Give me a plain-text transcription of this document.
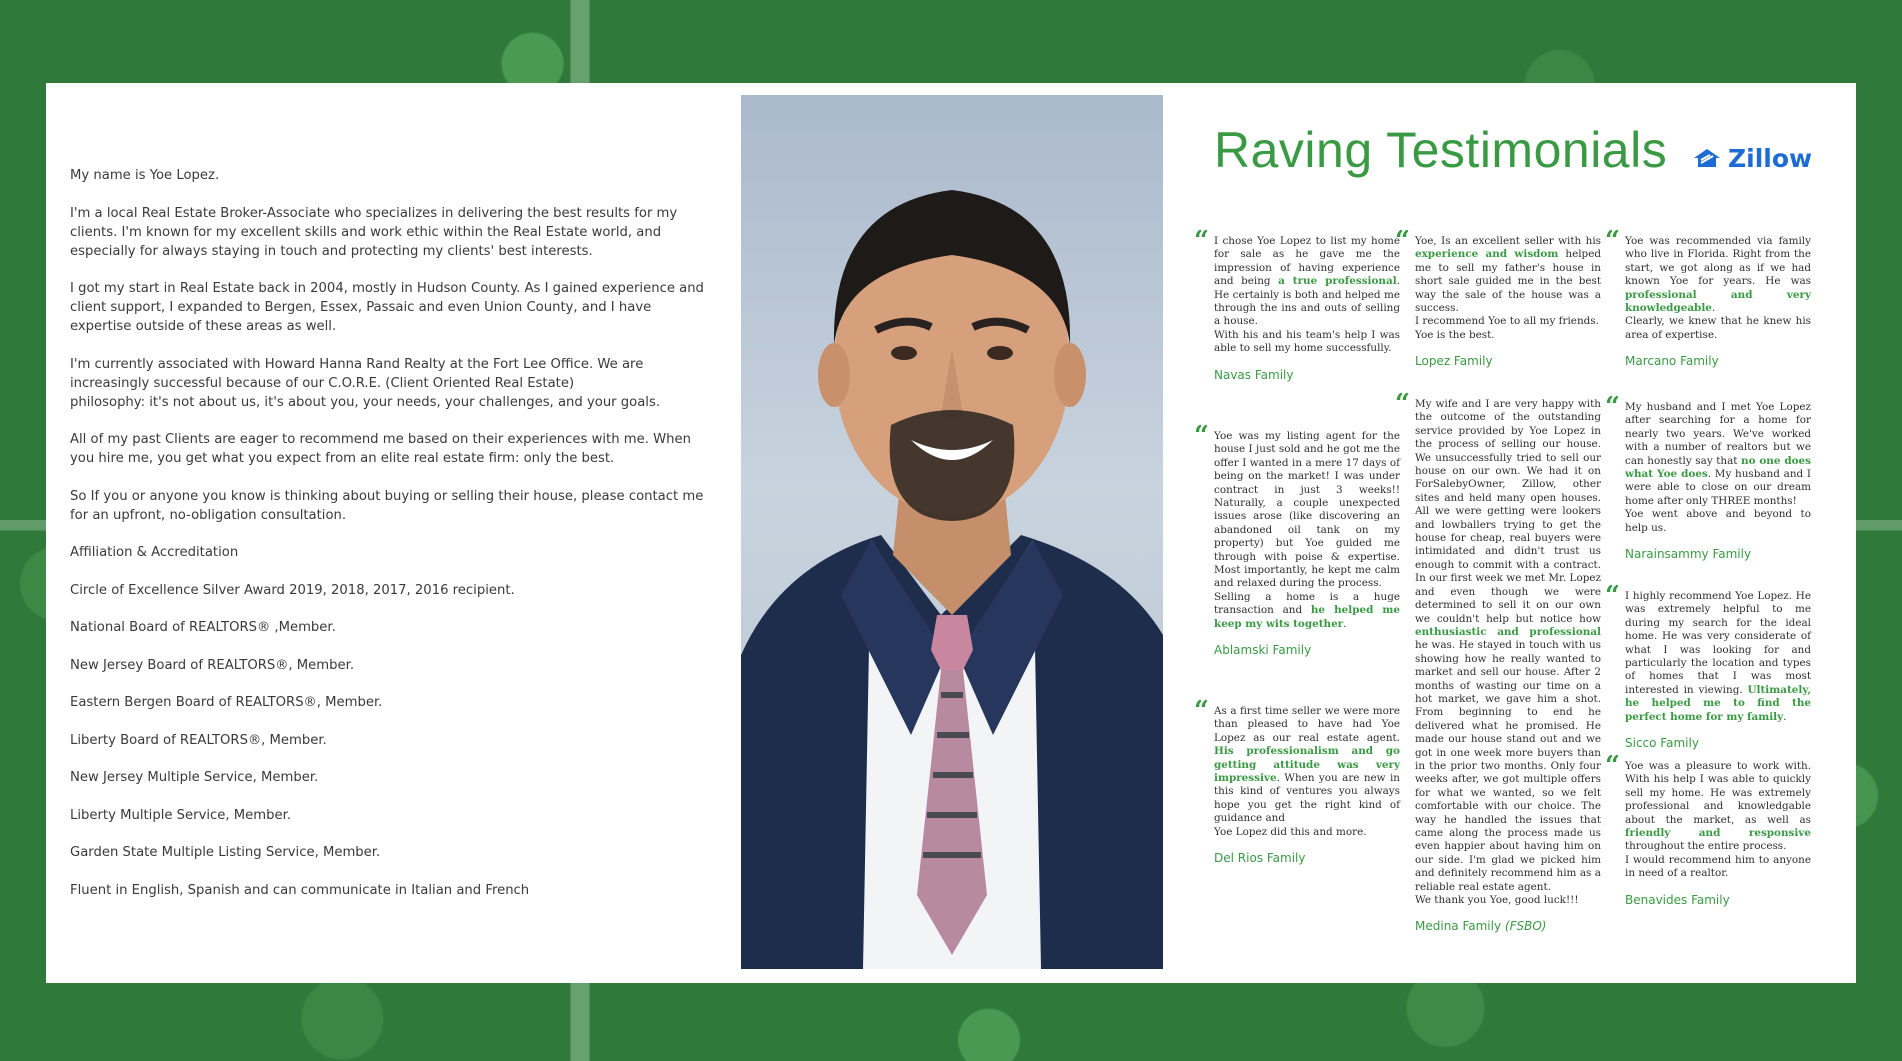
My name is Yoe Lopez.

I'm a local Real Estate Broker-Associate who specializes in delivering the best results for my clients. I'm known for my excellent skills and work ethic within the Real Estate world, and especially for always staying in touch and protecting my clients' best interests.

I got my start in Real Estate back in 2004, mostly in Hudson County. As I gained experience and client support, I expanded to Bergen, Essex, Passaic and even Union County, and I have expertise outside of these areas as well.

I'm currently associated with Howard Hanna Rand Realty at the Fort Lee Office. We are increasingly successful because of our C.O.R.E. (Client Oriented Real Estate)
philosophy: it's not about us, it's about you, your needs, your challenges, and your goals.

All of my past Clients are eager to recommend me based on their experiences with me. When you hire me, you get what you expect from an elite real estate firm: only the best.

So If you or anyone you know is thinking about buying or selling their house, please contact me for an upfront, no-obligation consultation.

Affiliation & Accreditation

Circle of Excellence Silver Award 2019, 2018, 2017, 2016 recipient.

National Board of REALTORS® ,Member.

New Jersey Board of REALTORS®, Member.

Eastern Bergen Board of REALTORS®, Member.

Liberty Board of REALTORS®, Member.

New Jersey Multiple Service, Member.

Liberty Multiple Service, Member.

Garden State Multiple Listing Service, Member.

Fluent in English, Spanish and can communicate in Italian and French

Raving Testimonials Zillow
“ I chose Yoe Lopez to list my home for sale as he gave me the impression of having experience and being a true professional. He certainly is both and helped me through the ins and outs of selling a house.
With his and his team's help I was able to sell my home successfully.
Navas Family
“ Yoe was my listing agent for the house I just sold and he got me the offer I wanted in a mere 17 days of being on the market! I was under contract in just 3 weeks!! Naturally, a couple unexpected issues arose (like discovering an abandoned oil tank on my property) but Yoe guided me through with poise & expertise. Most importantly, he kept me calm and relaxed during the process.
Selling a home is a huge transaction and he helped me keep my wits together.
Ablamski Family
“ As a first time seller we were more than pleased to have had Yoe Lopez as our real estate agent. His professionalism and go getting attitude was very impressive. When you are new in this kind of ventures you always hope you get the right kind of guidance and
Yoe Lopez did this and more.
Del Rios Family
“ Yoe, Is an excellent seller with his experience and wisdom helped me to sell my father's house in short sale guided me in the best way the sale of the house was a success.
I recommend Yoe to all my friends.
Yoe is the best.
Lopez Family
“ My wife and I are very happy with the outcome of the outstanding service provided by Yoe Lopez in the process of selling our house. We unsuccessfully tried to sell our house on our own. We had it on ForSalebyOwner, Zillow, other sites and held many open houses. All we were getting were lookers and lowballers trying to get the house for cheap, real buyers were intimidated and didn't trust us enough to commit with a contract. In our first week we met Mr. Lopez and even though we were determined to sell it on our own we couldn't help but notice how enthusiastic and professional he was. He stayed in touch with us showing how he really wanted to market and sell our house. After 2 months of wasting our time on a hot market, we gave him a shot. From beginning to end he delivered what he promised. He made our house stand out and we got in one week more buyers than in the prior two months. Only four weeks after, we got multiple offers for what we wanted, so we felt comfortable with our choice. The way he handled the issues that came along the process made us even happier about having him on our side. I'm glad we picked him and definitely recommend him as a reliable real estate agent.
We thank you Yoe, good luck!!!
Medina Family (FSBO)
“ Yoe was recommended via family who live in Florida. Right from the start, we got along as if we had known Yoe for years. He was professional and very knowledgeable.
Clearly, we knew that he knew his area of expertise.
Marcano Family
“ My husband and I met Yoe Lopez after searching for a home for nearly two years. We've worked with a number of realtors but we can honestly say that no one does what Yoe does. My husband and I were able to close on our dream home after only THREE months!
Yoe went above and beyond to help us.
Narainsammy Family
“ I highly recommend Yoe Lopez. He was extremely helpful to me during my search for the ideal home. He was very considerate of what I was looking for and particularly the location and types of homes that I was most interested in viewing. Ultimately, he helped me to find the perfect home for my family.
Sicco Family
“ Yoe was a pleasure to work with. With his help I was able to quickly sell my home. He was extremely professional and knowledgable about the market, as well as friendly and responsive throughout the entire process.
I would recommend him to anyone in need of a realtor.
Benavides Family
